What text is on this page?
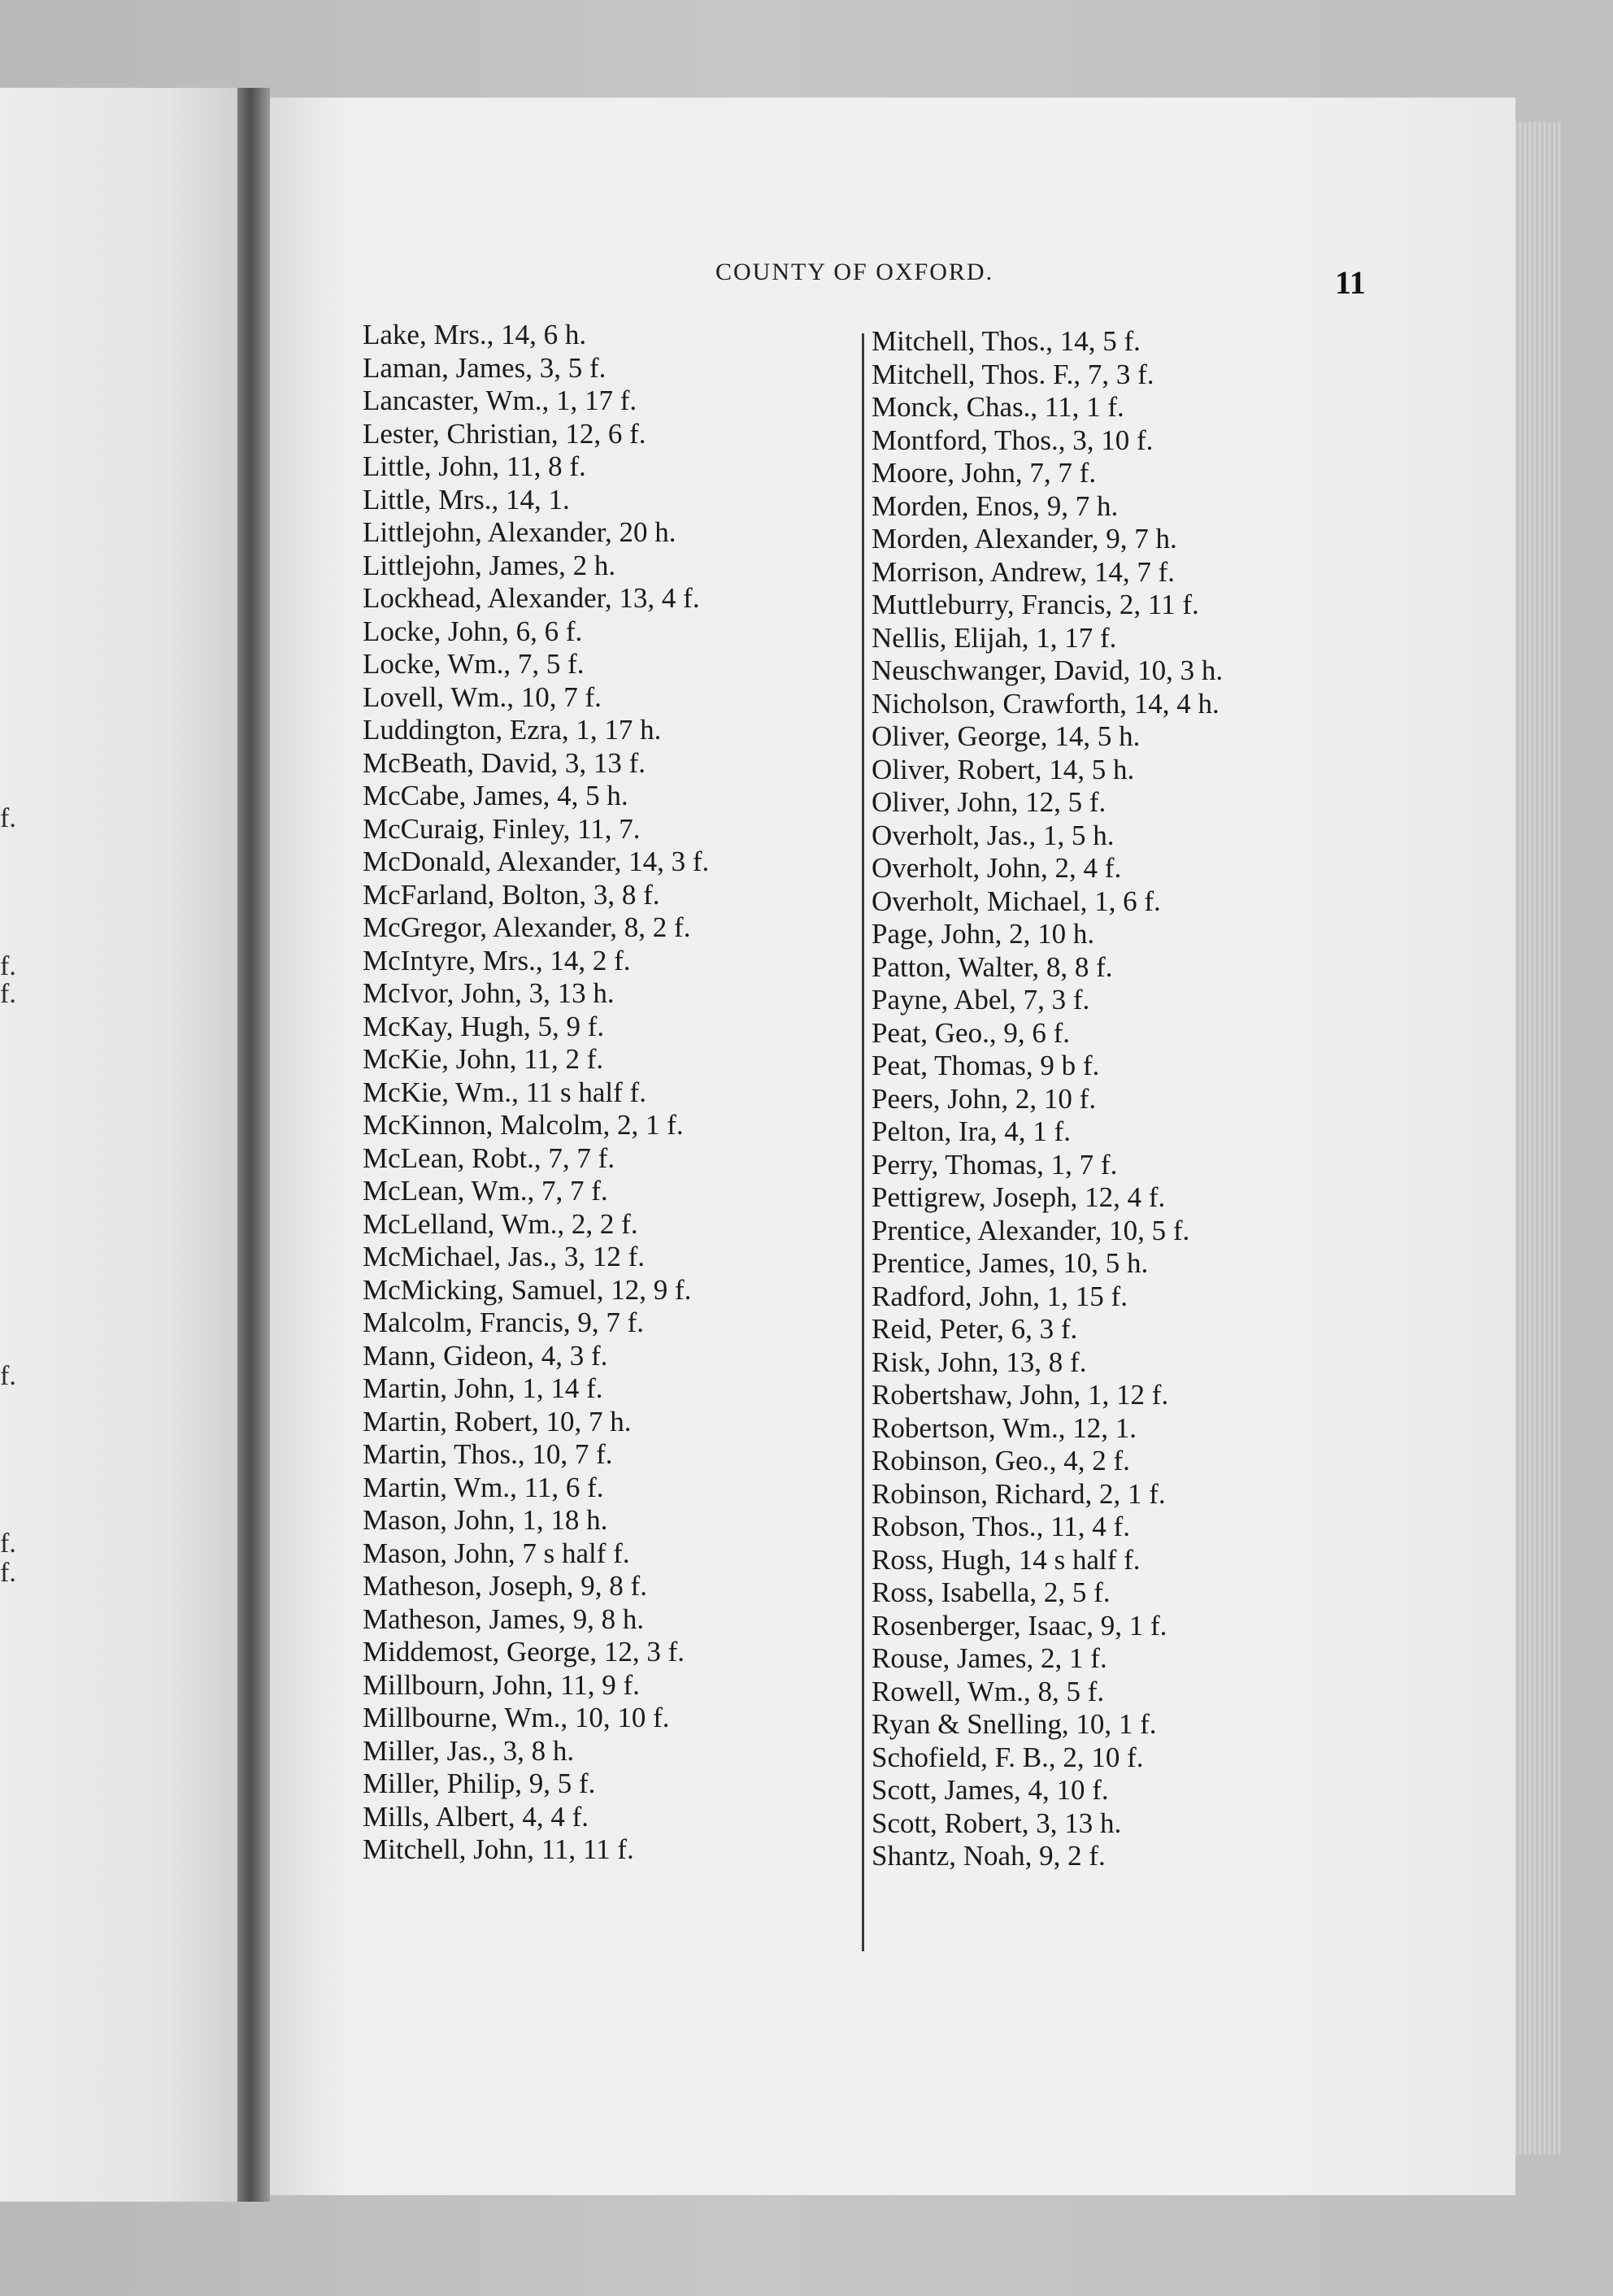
f.
f.
f.
f.
f.
f.
COUNTY OF OXFORD.	11
Lake, Mrs., 14, 6 h.
Laman, James, 3, 5 f.
Lancaster, Wm., 1, 17 f.
Lester, Christian, 12, 6 f.
Little, John, 11, 8 f.
Little, Mrs., 14, 1.
Littlejohn, Alexander, 20 h.
Littlejohn, James, 2 h.
Lockhead, Alexander, 13, 4 f.
Locke, John, 6, 6 f.
Locke, Wm., 7, 5 f.
Lovell, Wm., 10, 7 f.
Luddington, Ezra, 1, 17 h.
McBeath, David, 3, 13 f.
McCabe, James, 4, 5 h.
McCuraig, Finley, 11, 7.
McDonald, Alexander, 14, 3 f.
McFarland, Bolton, 3, 8 f.
McGregor, Alexander, 8, 2 f.
McIntyre, Mrs., 14, 2 f.
McIvor, John, 3, 13 h.
McKay, Hugh, 5, 9 f.
McKie, John, 11, 2 f.
McKie, Wm., 11 s half f.
McKinnon, Malcolm, 2, 1 f.
McLean, Robt., 7, 7 f.
McLean, Wm., 7, 7 f.
McLelland, Wm., 2, 2 f.
McMichael, Jas., 3, 12 f.
McMicking, Samuel, 12, 9 f.
Malcolm, Francis, 9, 7 f.
Mann, Gideon, 4, 3 f.
Martin, John, 1, 14 f.
Martin, Robert, 10, 7 h.
Martin, Thos., 10, 7 f.
Martin, Wm., 11, 6 f.
Mason, John, 1, 18 h.
Mason, John, 7 s half f.
Matheson, Joseph, 9, 8 f.
Matheson, James, 9, 8 h.
Middemost, George, 12, 3 f.
Millbourn, John, 11, 9 f.
Millbourne, Wm., 10, 10 f.
Miller, Jas., 3, 8 h.
Miller, Philip, 9, 5 f.
Mills, Albert, 4, 4 f.
Mitchell, John, 11, 11 f.
Mitchell, Thos., 14, 5 f.
Mitchell, Thos. F., 7, 3 f.
Monck, Chas., 11, 1 f.
Montford, Thos., 3, 10 f.
Moore, John, 7, 7 f.
Morden, Enos, 9, 7 h.
Morden, Alexander, 9, 7 h.
Morrison, Andrew, 14, 7 f.
Muttleburry, Francis, 2, 11 f.
Nellis, Elijah, 1, 17 f.
Neuschwanger, David, 10, 3 h.
Nicholson, Crawforth, 14, 4 h.
Oliver, George, 14, 5 h.
Oliver, Robert, 14, 5 h.
Oliver, John, 12, 5 f.
Overholt, Jas., 1, 5 h.
Overholt, John, 2, 4 f.
Overholt, Michael, 1, 6 f.
Page, John, 2, 10 h.
Patton, Walter, 8, 8 f.
Payne, Abel, 7, 3 f.
Peat, Geo., 9, 6 f.
Peat, Thomas, 9 b f.
Peers, John, 2, 10 f.
Pelton, Ira, 4, 1 f.
Perry, Thomas, 1, 7 f.
Pettigrew, Joseph, 12, 4 f.
Prentice, Alexander, 10, 5 f.
Prentice, James, 10, 5 h.
Radford, John, 1, 15 f.
Reid, Peter, 6, 3 f.
Risk, John, 13, 8 f.
Robertshaw, John, 1, 12 f.
Robertson, Wm., 12, 1.
Robinson, Geo., 4, 2 f.
Robinson, Richard, 2, 1 f.
Robson, Thos., 11, 4 f.
Ross, Hugh, 14 s half f.
Ross, Isabella, 2, 5 f.
Rosenberger, Isaac, 9, 1 f.
Rouse, James, 2, 1 f.
Rowell, Wm., 8, 5 f.
Ryan & Snelling, 10, 1 f.
Schofield, F. B., 2, 10 f.
Scott, James, 4, 10 f.
Scott, Robert, 3, 13 h.
Shantz, Noah, 9, 2 f.
